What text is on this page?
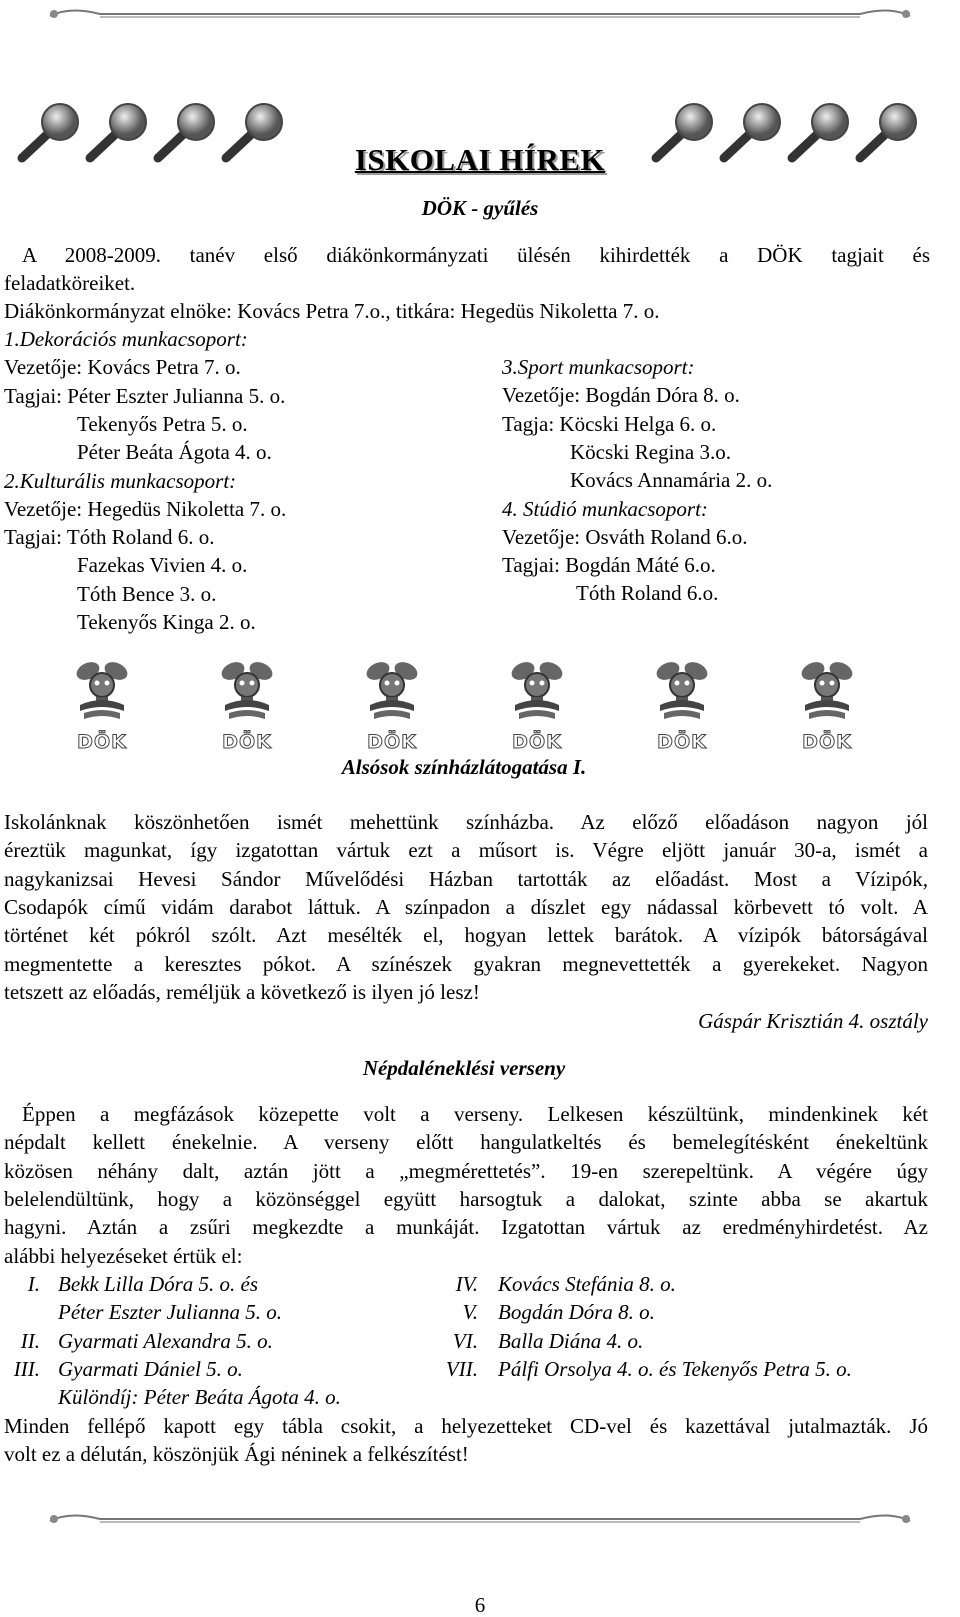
ISKOLAI HÍREK
DÖK - gyűlés
A 2008-2009. tanév első diákönkormányzati ülésén kihirdették a DÖK tagjait és
feladatköreiket.
Diákönkormányzat elnöke: Kovács Petra 7.o., titkára: Hegedüs Nikoletta 7. o.
1.Dekorációs munkacsoport:
Vezetője: Kovács Petra 7. o.
Tagjai: Péter Eszter Julianna 5. o.
Tekenyős Petra 5. o.
Péter Beáta Ágota 4. o.
2.Kulturális munkacsoport:
Vezetője: Hegedüs Nikoletta 7. o.
Tagjai: Tóth Roland 6. o.
Fazekas Vivien 4. o.
Tóth Bence 3. o.
Tekenyős Kinga 2. o.
3.Sport munkacsoport:
Vezetője: Bogdán Dóra 8. o.
Tagja: Köcski Helga 6. o.
Köcski Regina 3.o.
Kovács Annamária 2. o.
4. Stúdió munkacsoport:
Vezetője: Osváth Roland 6.o.
Tagjai: Bogdán Máté 6.o.
Tóth Roland 6.o.
DÖK	DÖK	DÖK	DÖK	DÖK	DÖK
Alsósok színházlátogatása I.
Iskolánknak köszönhetően ismét mehettünk színházba. Az előző előadáson nagyon jól
éreztük magunkat, így izgatottan vártuk ezt a műsort is. Végre eljött január 30-a, ismét a
nagykanizsai Hevesi Sándor Művelődési Házban tartották az előadást. Most a Vízipók,
Csodapók című vidám darabot láttuk. A színpadon a díszlet egy nádassal körbevett tó volt. A
történet két pókról szólt. Azt mesélték el, hogyan lettek barátok. A vízipók bátorságával
megmentette a keresztes pókot. A színészek gyakran megnevettették a gyerekeket. Nagyon
tetszett az előadás, reméljük a következő is ilyen jó lesz!
Gáspár Krisztián 4. osztály
Népdaléneklési verseny
Éppen a megfázások közepette volt a verseny. Lelkesen készültünk, mindenkinek két
népdalt kellett énekelnie. A verseny előtt hangulatkeltés és bemelegítésként énekeltünk
közösen néhány dalt, aztán jött a „megmérettetés”. 19-en szerepeltünk. A végére úgy
belelendültünk, hogy a közönséggel együtt harsogtuk a dalokat, szinte abba se akartuk
hagyni. Aztán a zsűri megkezdte a munkáját. Izgatottan vártuk az eredményhirdetést. Az
alábbi helyezéseket értük el:
I. Bekk Lilla Dóra 5. o. és
Péter Eszter Julianna 5. o.
II. Gyarmati Alexandra 5. o.
III. Gyarmati Dániel 5. o.
Különdíj: Péter Beáta Ágota 4. o.
IV. Kovács Stefánia 8. o.
V. Bogdán Dóra 8. o.
VI. Balla Diána 4. o.
VII. Pálfi Orsolya 4. o. és Tekenyős Petra 5. o.
Minden fellépő kapott egy tábla csokit, a helyezetteket CD-vel és kazettával jutalmazták. Jó
volt ez a délután, köszönjük Ági néninek a felkészítést!
6
